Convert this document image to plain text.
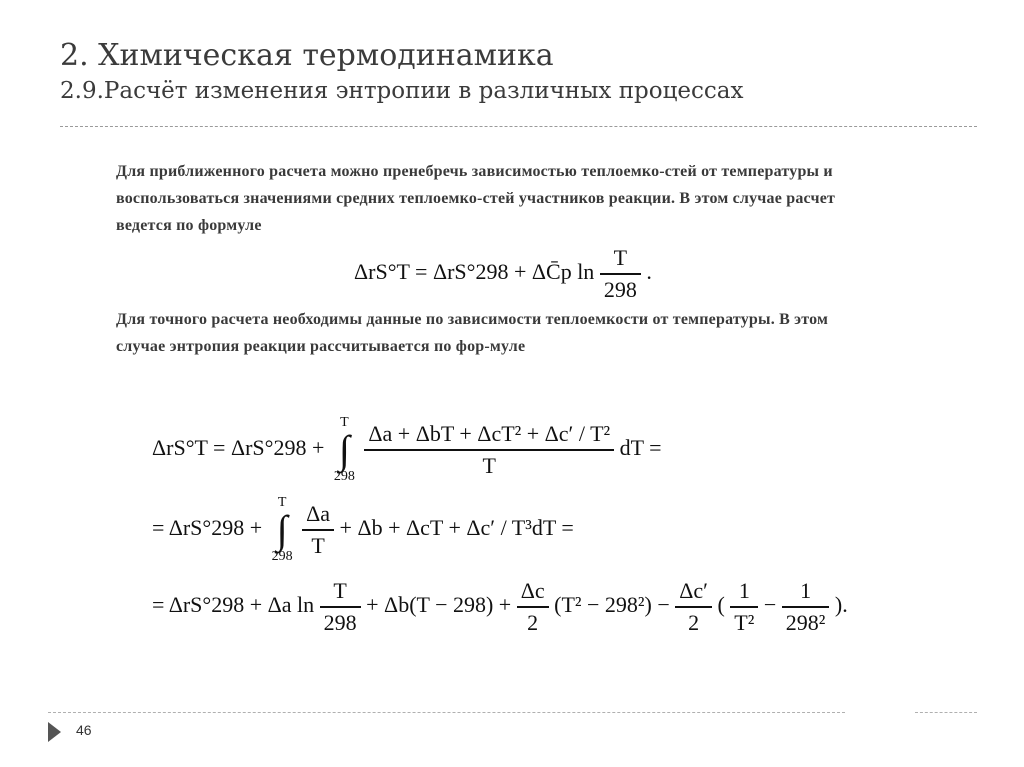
2. Химическая термодинамика
2.9.Расчёт изменения энтропии в различных процессах

Для приближенного расчета можно пренебречь зависимостью теплоемко-стей от температуры и воспользоваться значениями средних теплоемко-стей участников реакции. В этом случае расчет ведется по формуле

ΔrS°T = ΔrS°298 + ΔC̄p $\ln \frac{T}{298}$ .

Для точного расчета необходимы данные по зависимости теплоемкости от температуры. В этом случае энтропия реакции рассчитывается по фор-муле

ΔrS°T = ΔrS°298 + T
∫
$298 \frac{\text{Δa + ΔbT + ΔcT² + Δc′ / T²}}{T}$ dT =
= ΔrS°298 + T
∫
$298 \frac{\Delta a}{T} + \Delta b + \Delta cT + \Delta c' / T^3dT$ =
= ΔrS°298 + Δa $\ln \frac{T}{298} + \Delta b(T - 298) + \frac{\Delta c}{2} (T^2 - 298^2) - \frac{\Delta c'}{2}$ ( $\frac{1}{\text{T²}} - \frac{1}{\text{298²}}$ ).
46
